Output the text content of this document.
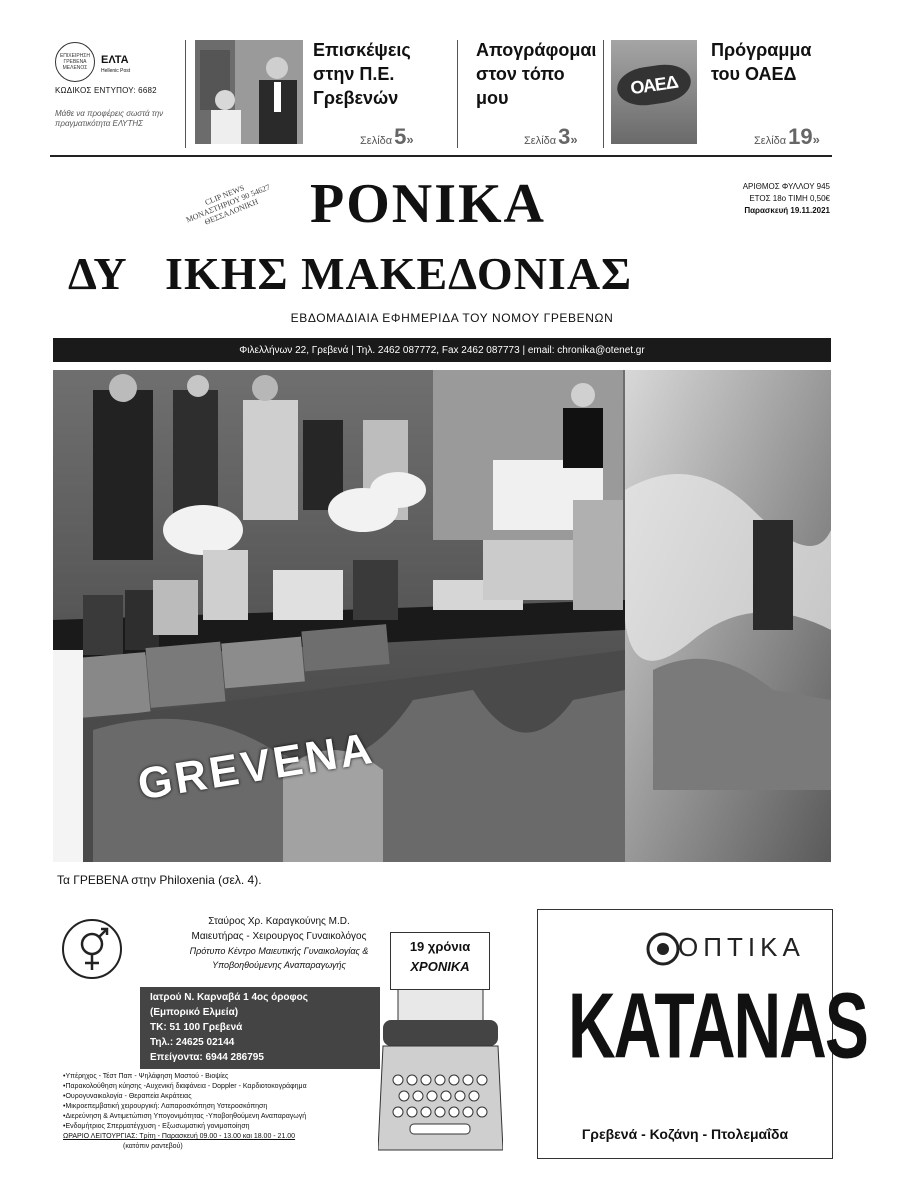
ΕΠΙΧΕΙΡΗΣΗ ΓΡΕΒΕΝΑ ΜΕΛΕΝΟΣ
ΕΛΤΑ
Hellenic Post
ΚΩΔΙΚΟΣ ΕΝΤΥΠΟΥ: 6682
Μάθε να προφέρεις σωστά την πραγματικότητα ΕΛΥΤΗΣ
Επισκέψεις στην Π.Ε. Γρεβενών
Σελίδα5»
Απογράφομαι στον τόπο μου
Σελίδα3»
ΟΑΕΔ
Πρόγραμμα του ΟΑΕΔ
Σελίδα19»
CLIP NEWS ΜΟΝΑΣΤΗΡΙΟΥ 90 54627 ΘΕΣΣΑΛΟΝΙΚΗ ΡΟΝΙΚΑ
ΔΥ   ΙΚΗΣ ΜΑΚΕΔΟΝΙΑΣ
ΑΡΙΘΜΟΣ ΦΥΛΛΟΥ 945
ΕΤΟΣ 18ο ΤΙΜΗ 0,50€
Παρασκευή 19.11.2021
ΕΒΔΟΜΑΔΙΑΙΑ ΕΦΗΜΕΡΙΔΑ ΤΟΥ ΝΟΜΟΥ ΓΡΕΒΕΝΩΝ
Φιλελλήνων 22, Γρεβενά | Τηλ. 2462 087772, Fax 2462 087773 | email: chronika@otenet.gr
GREVENA
Τα ΓΡΕΒΕΝΑ στην Philoxenia (σελ. 4).
Σταύρος Χρ. Καραγκούνης M.D.
Μαιευτήρας - Χειρουργος Γυναικολόγος
Πρότυπο Κέντρο Μαιευτικής Γυναικολογίας & Υποβοηθούμενης Αναπαραγωγής
Ιατρού Ν. Καρναβά 1 4ος όροφος
(Εμπορικό Ελμεία)
ΤΚ: 51 100 Γρεβενά
Τηλ.: 24625 02144
Επείγοντα: 6944 286795
•Υπέρηχος - Τέστ Παπ - Ψηλάφηση Μαστού - Βιοψίες
•Παρακολούθηση κύησης -Αυχενική διαφάνεια - Doppler - Καρδιοτοκογράφημα
•Ουρογυναικολογία - Θεραπεία Ακράτειας
•Μικροεπεμβατική χειρουργική: Λαπαροσκόπηση Υστεροσκόπηση
•Διερεύνηση & Αντιμετώπιση Υπογονιμότητας -Υποβοηθούμενη Αναπαραγωγή
•Ενδομήτριος Σπερματέγχυση - Εξωσωματική γονιμοποίηση
ΩΡΑΡΙΟ ΛΕΙΤΟΥΡΓΙΑΣ: Τρίτη - Παρασκευή 09.00 - 13.00 και 18.00 - 21.00
(κατόπιν ραντεβού)
19 χρόνια
ΧΡΟΝΙΚΑ
ΟΠΤΙΚΑ
KATANAS
Γρεβενά - Κοζάνη - Πτολεμαΐδα
